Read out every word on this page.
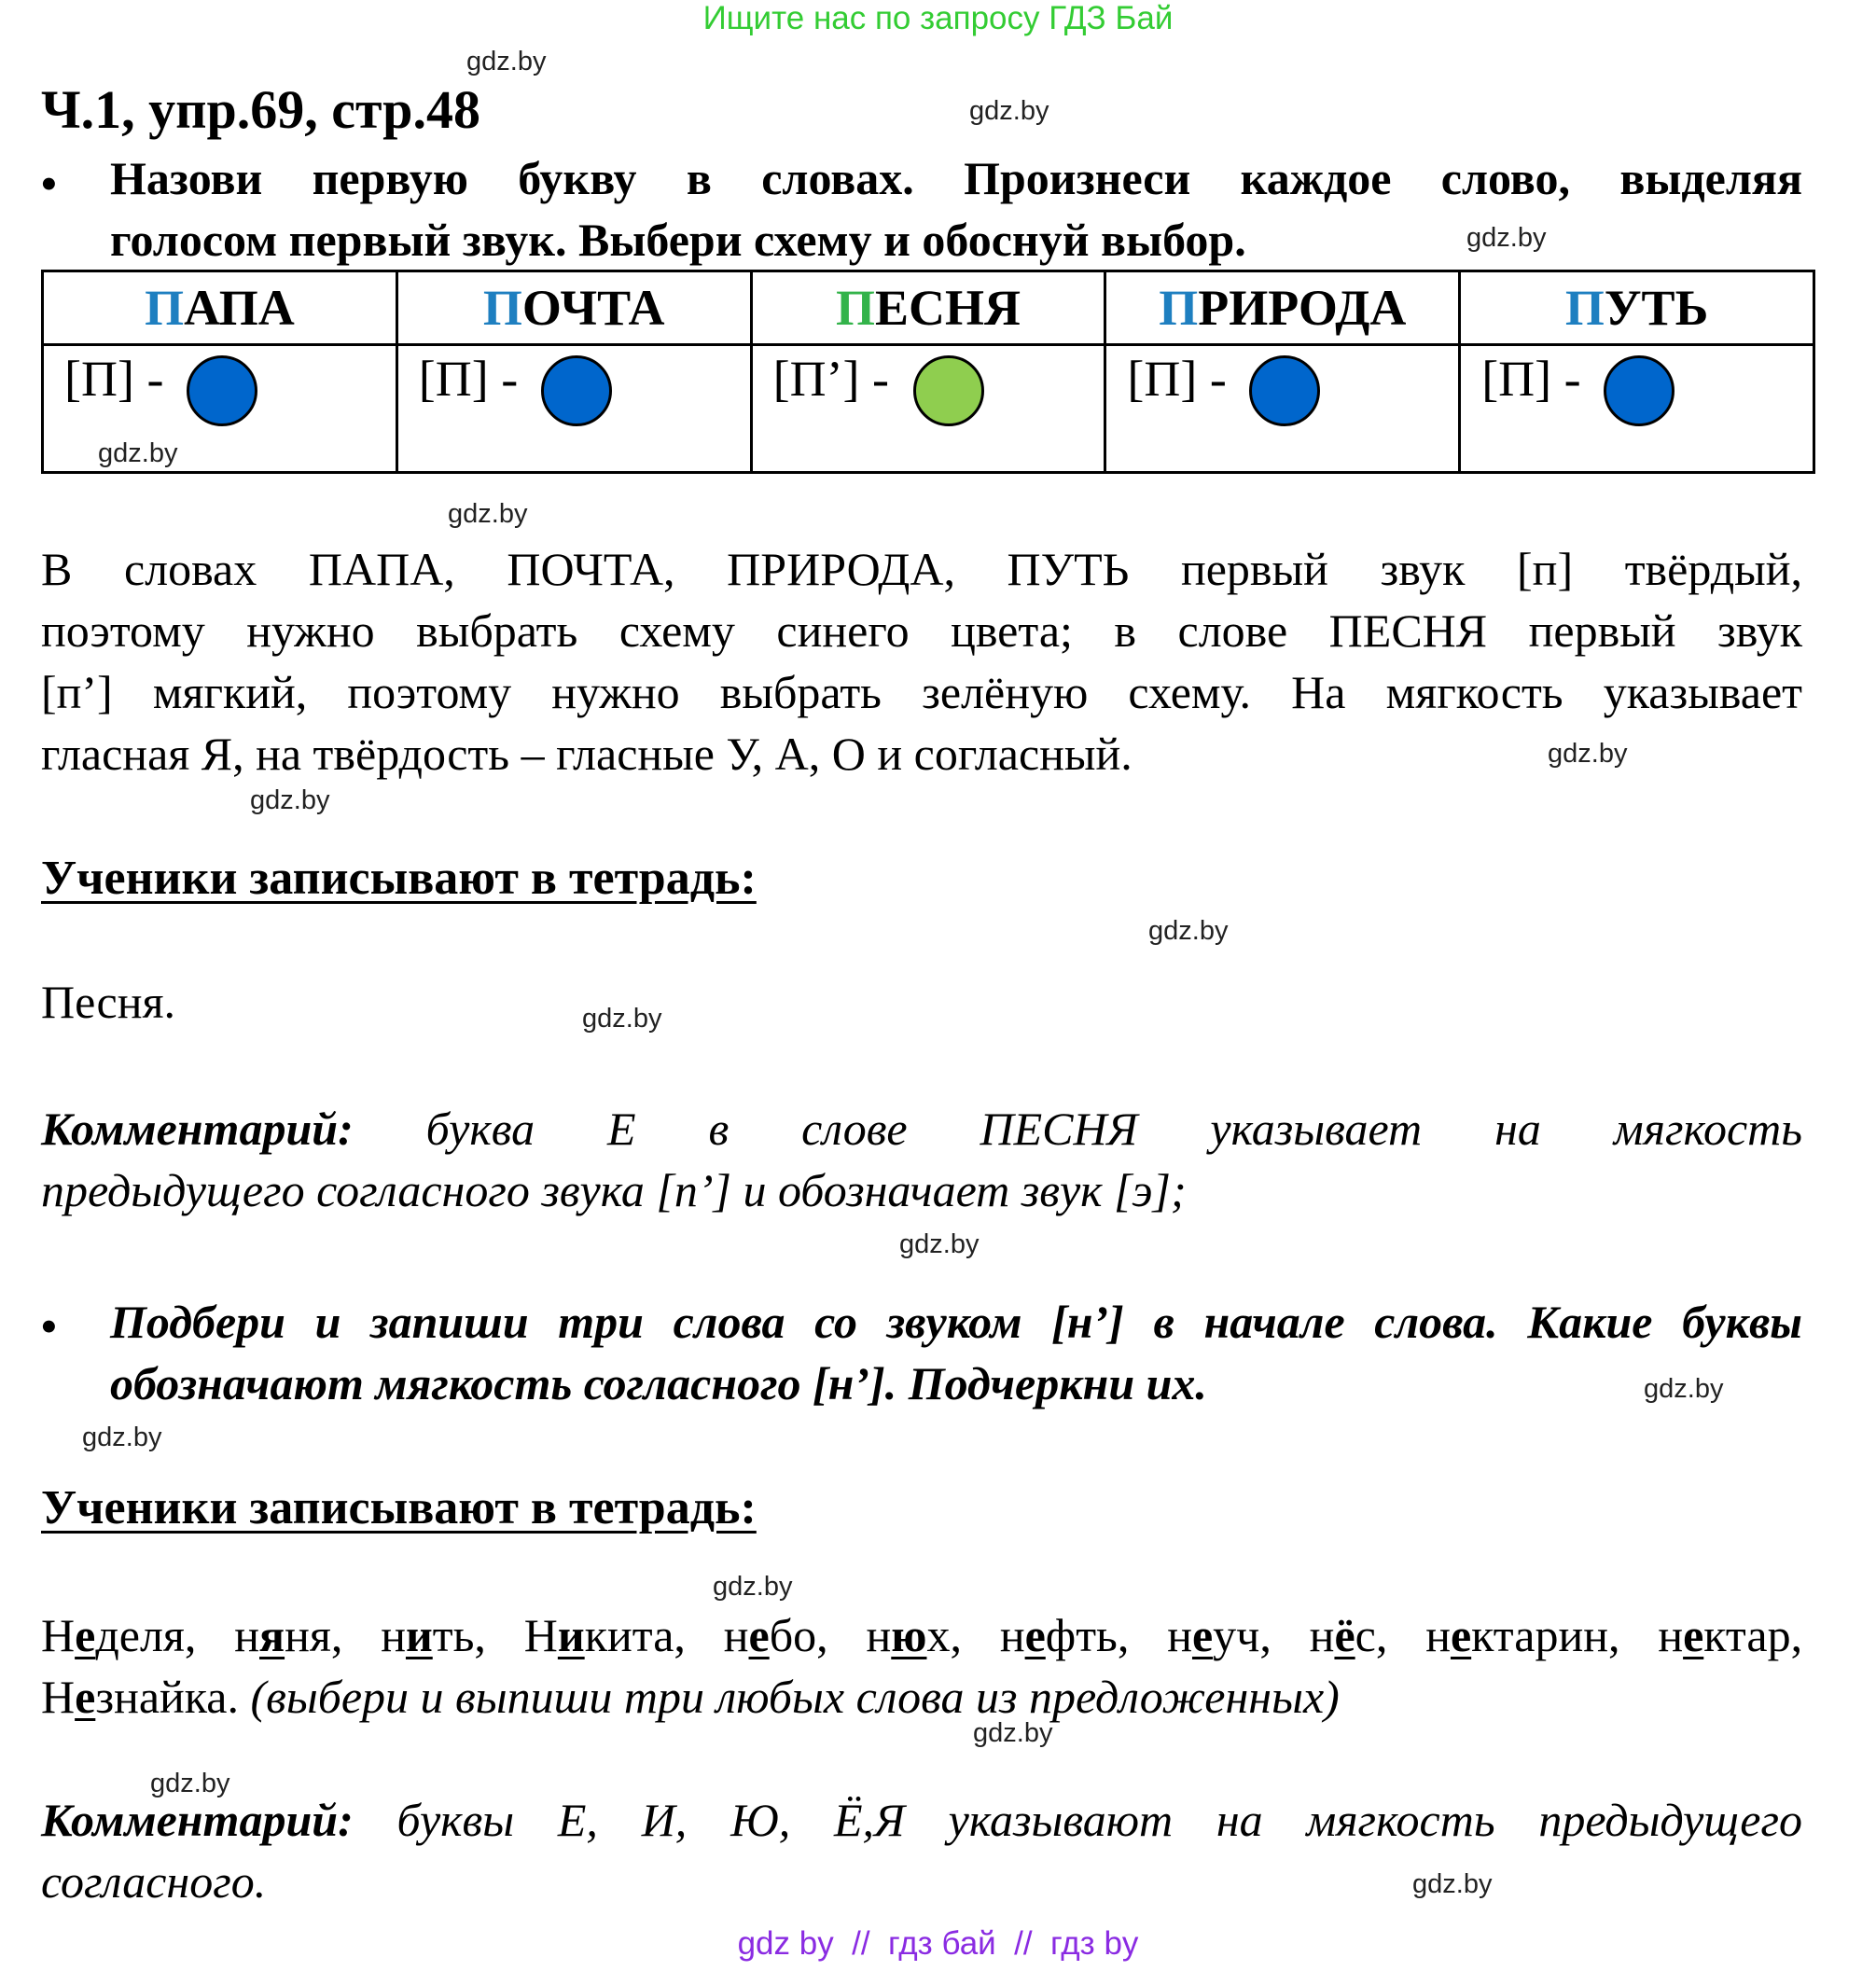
Ищите нас по запросу ГДЗ Бай
Ч.1, упр.69, стр.48
• Назови первую букву в словах. Произнеси каждое слово, выделяя
голосом первый звук. Выбери схему и обоснуй выбор.
ПАПА	ПОЧТА	ПЕСНЯ	ПРИРОДА	ПУТЬ

[П] -	[П] -	[П’] -	[П] -	[П] -
В словах ПАПА, ПОЧТА, ПРИРОДА, ПУТЬ первый звук [п] твёрдый,
поэтому нужно выбрать схему синего цвета; в слове ПЕСНЯ первый звук
[п’] мягкий, поэтому нужно выбрать зелёную схему. На мягкость указывает
гласная Я, на твёрдость – гласные У, А, О и согласный.
Ученики записывают в тетрадь:
Песня.
Комментарий: буква Е в слове ПЕСНЯ указывает на мягкость
предыдущего согласного звука [п’] и обозначает звук [э];
• Подбери и запиши три слова со звуком [н’] в начале слова. Какие буквы
обозначают мягкость согласного [н’]. Подчеркни их.
Ученики записывают в тетрадь:
Неделя, няня, нить, Никита, небо, нюх, нефть, неуч, нёс, нектарин, нектар,
Незнайка. (выбери и выпиши три любых слова из предложенных)
Комментарий: буквы Е, И, Ю, Ё,Я указывают на мягкость предыдущего
согласного.
gdz.by
gdz.by
gdz.by
gdz.by
gdz.by
gdz.by
gdz.by
gdz.by
gdz.by
gdz.by
gdz.by
gdz.by
gdz.by
gdz.by
gdz.by
gdz.by
gdz by  //  гдз бай  //  гдз by
